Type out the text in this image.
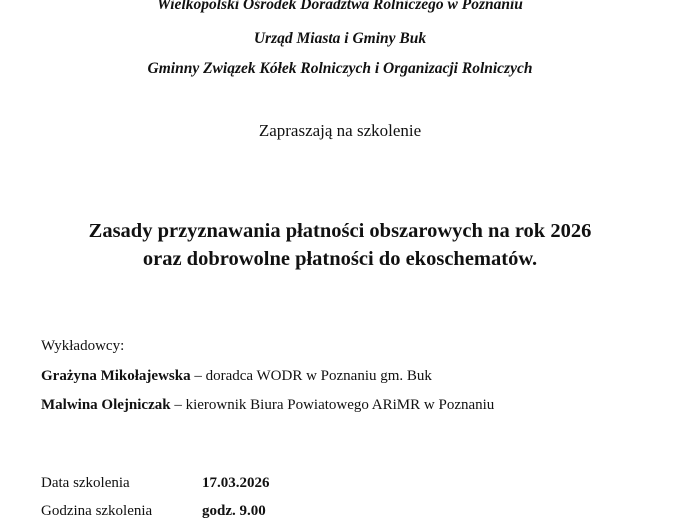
Wielkopolski Ośrodek Doradztwa Rolniczego w Poznaniu
Urząd Miasta i Gminy Buk
Gminny Związek Kółek Rolniczych i Organizacji Rolniczych
Zapraszają na szkolenie
Zasady przyznawania płatności obszarowych na rok 2026
oraz dobrowolne płatności do ekoschematów.
Wykładowcy:
Grażyna Mikołajewska – doradca WODR w Poznaniu gm. Buk
Malwina Olejniczak – kierownik Biura Powiatowego ARiMR w Poznaniu
Data szkolenia	17.03.2026
Godzina szkolenia	godz. 9.00
